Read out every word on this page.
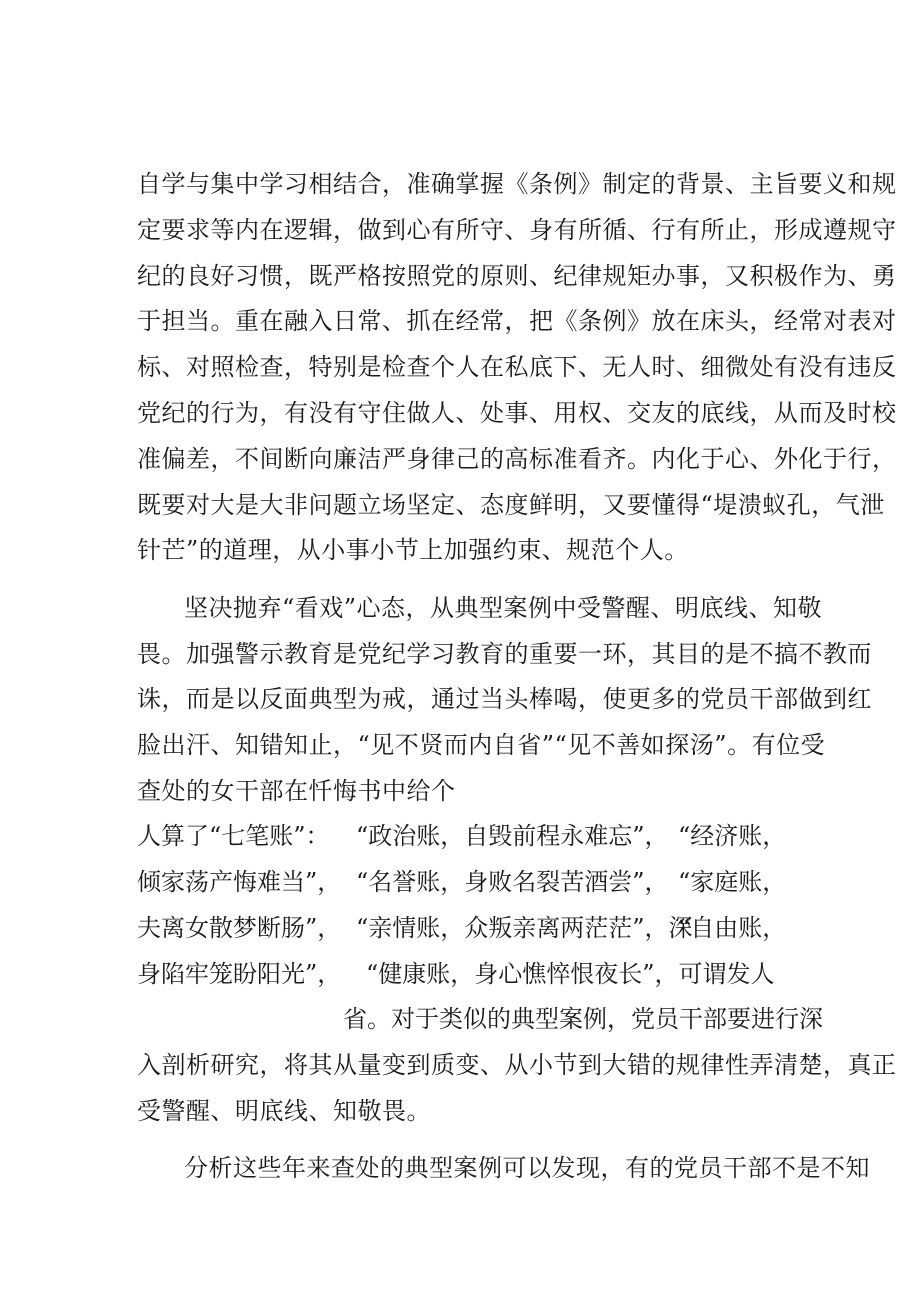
自学与集中学习相结合，准确掌握《条例》制定的背景、主旨要义和规
定要求等内在逻辑，做到心有所守、身有所循、行有所止，形成遵规守
纪的良好习惯，既严格按照党的原则、纪律规矩办事，又积极作为、勇
于担当。重在融入日常、抓在经常，把《条例》放在床头，经常对表对
标、对照检查，特别是检查个人在私底下、无人时、细微处有没有违反
党纪的行为，有没有守住做人、处事、用权、交友的底线，从而及时校
准偏差，不间断向廉洁严身律己的高标准看齐。内化于心、外化于行，
既要对大是大非问题立场坚定、态度鲜明，又要懂得“堤溃蚁孔，气泄
针芒”的道理，从小事小节上加强约束、规范个人。
坚决抛弃“看戏”心态，从典型案例中受警醒、明底线、知敬
畏。加强警示教育是党纪学习教育的重要一环，其目的是不搞不教而
诛，而是以反面典型为戒，通过当头棒喝，使更多的党员干部做到红
脸出汗、知错知止，“见不贤而内自省”“见不善如探汤”。有位受
查处的女干部在忏悔书中给个
人算了“七笔账”： “政治账，自毁前程永难忘”， “经济账，
倾家荡产悔难当”， “名誉账，身败名裂苦酒尝”， “家庭账，
夫离女散梦断肠”， “亲情账，众叛亲离两茫茫”，深
“自由账，
身陷牢笼盼阳光”， “健康账，身心憔悴恨夜长”，可谓发人
省。对于类似的典型案例，党员干部要进行深
入剖析研究，将其从量变到质变、从小节到大错的规律性弄清楚，真正
受警醒、明底线、知敬畏。
分析这些年来查处的典型案例可以发现，有的党员干部不是不知
